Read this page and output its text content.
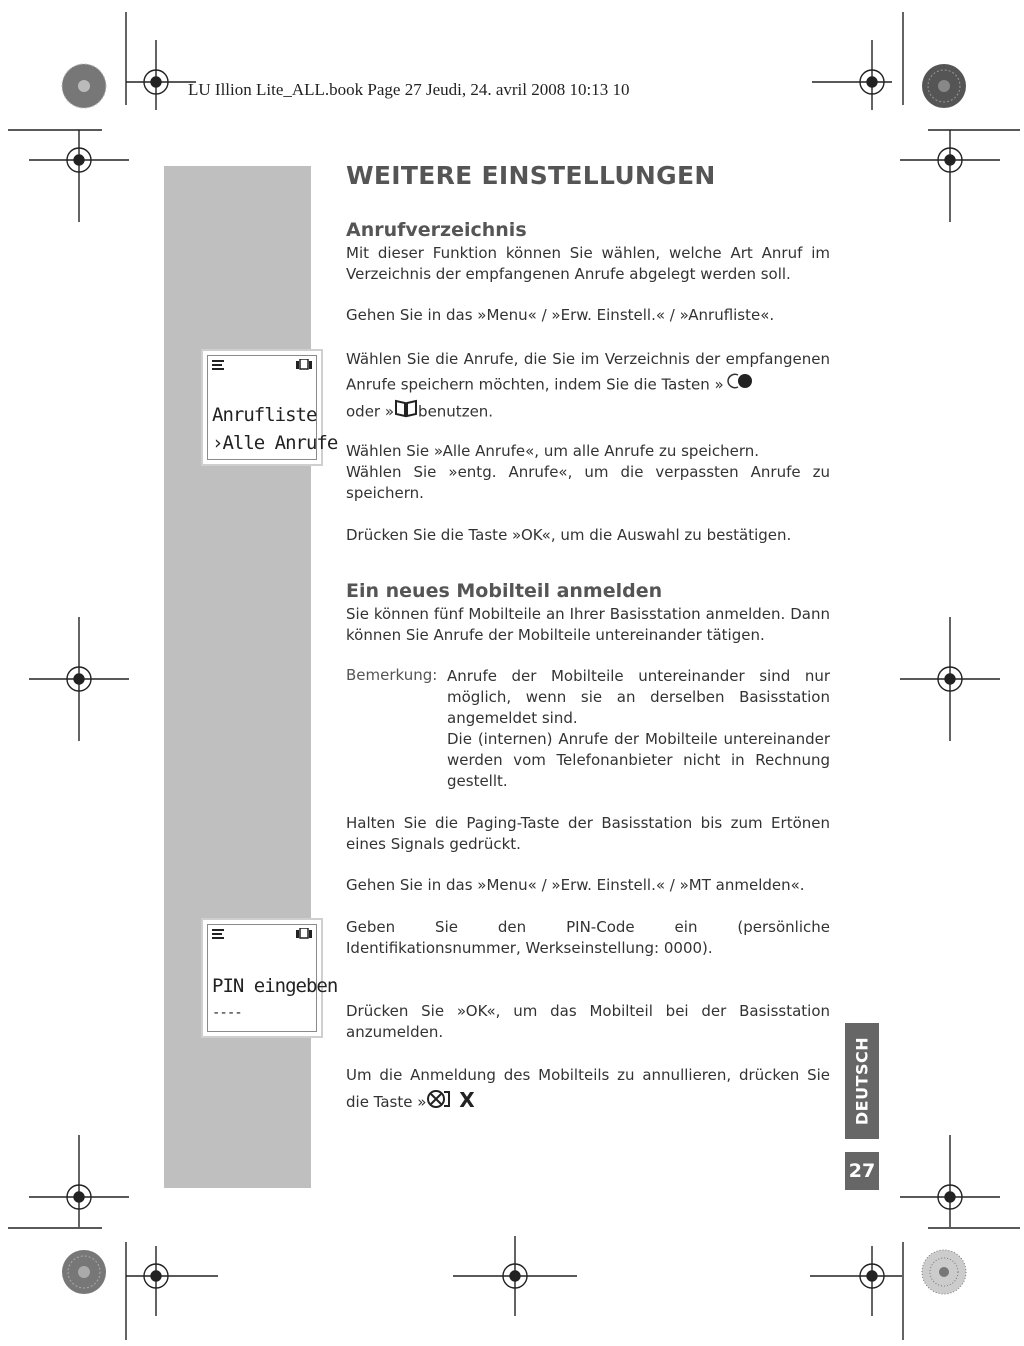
LU Illion Lite_ALL.book Page 27 Jeudi, 24. avril 2008 10:13 10
Anrufliste
›Alle Anrufe
PIN eingeben
----
WEITERE EINSTELLUNGEN
Anrufverzeichnis
Mit dieser Funktion können Sie wählen, welche Art Anruf im Verzeichnis der empfangenen Anrufe abgelegt werden soll.
Gehen Sie in das »Menu« / »Erw. Einstell.« / »Anrufliste«.
Wählen Sie die Anrufe, die Sie im Verzeichnis der empfangenen Anrufe speichern möchten, indem Sie die Tasten »
oder » benutzen.
Wählen Sie »Alle Anrufe«, um alle Anrufe zu speichern.
Wählen Sie »entg. Anrufe«, um die verpassten Anrufe zu speichern.
Drücken Sie die Taste »OK«, um die Auswahl zu bestätigen.
Ein neues Mobilteil anmelden
Sie können fünf Mobilteile an Ihrer Basisstation anmelden. Dann können Sie Anrufe der Mobilteile untereinander tätigen.
Bemerkung: Anrufe der Mobilteile untereinander sind nur möglich, wenn sie an derselben Basisstation angemeldet sind.
Die (internen) Anrufe der Mobilteile untereinander werden vom Telefonanbieter nicht in Rechnung gestellt.
Halten Sie die Paging-Taste der Basisstation bis zum Ertönen eines Signals gedrückt.
Gehen Sie in das »Menu« / »Erw. Einstell.« / »MT anmelden«.
Geben Sie den PIN-Code ein (persönliche Identifikationsnummer, Werkseinstellung: 0000).
Drücken Sie »OK«, um das Mobilteil bei der Basisstation anzumelden.
Um die Anmeldung des Mobilteils zu annullieren, drücken Sie die Taste » X	DEUTSCH
27
